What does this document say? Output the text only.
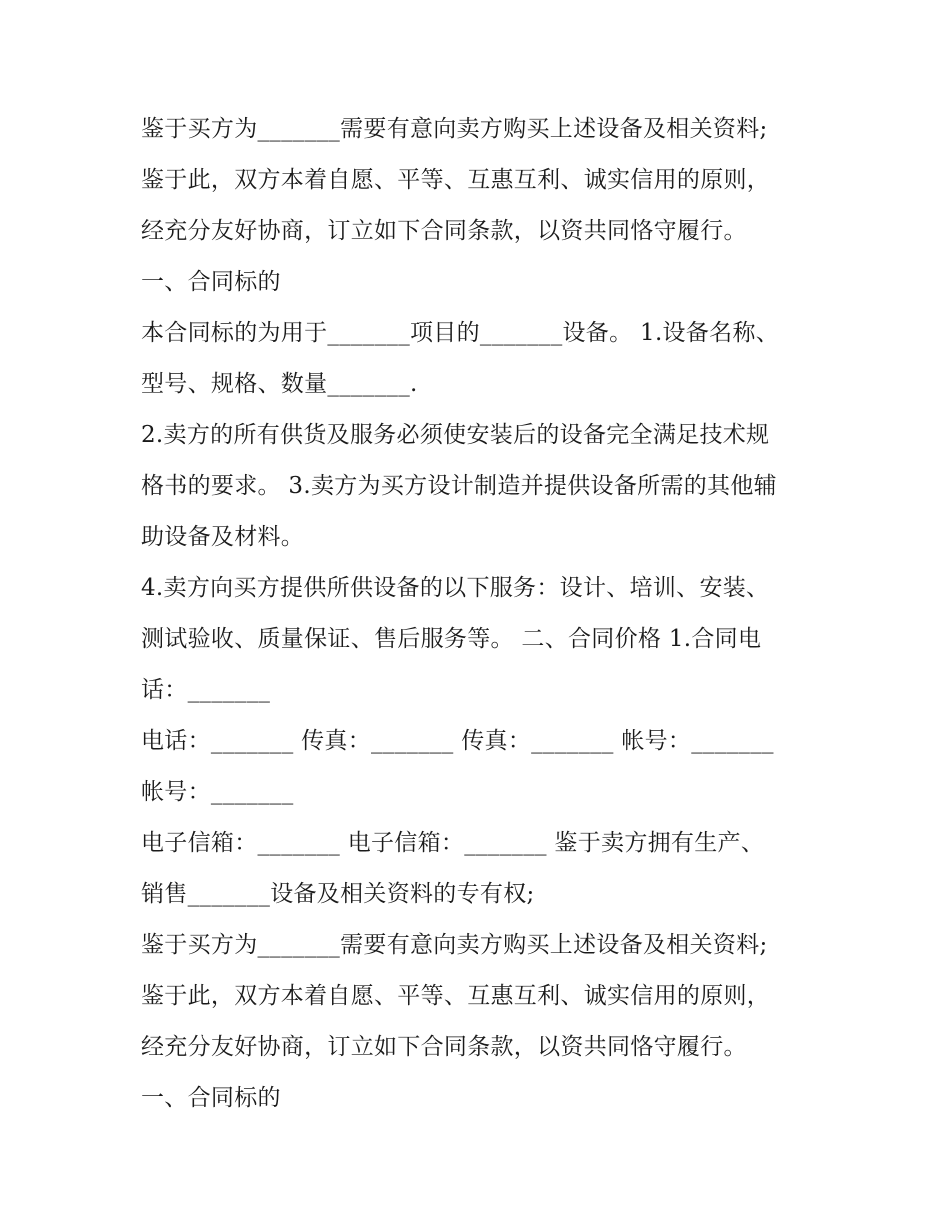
鉴于买方为_______需要有意向卖方购买上述设备及相关资料;
鉴于此，双方本着自愿、平等、互惠互利、诚实信用的原则，
经充分友好协商，订立如下合同条款，以资共同恪守履行。
一、合同标的
本合同标的为用于_______项目的_______设备。 1.设备名称、
型号、规格、数量_______.
2.卖方的所有供货及服务必须使安装后的设备完全满足技术规
格书的要求。 3.卖方为买方设计制造并提供设备所需的其他辅
助设备及材料。
4.卖方向买方提供所供设备的以下服务：设计、培训、安装、
测试验收、质量保证、售后服务等。 二、合同价格 1.合同电
话：_______
电话：_______ 传真：_______ 传真：_______ 帐号：_______
帐号：_______
电子信箱：_______ 电子信箱：_______ 鉴于卖方拥有生产、
销售_______设备及相关资料的专有权;
鉴于买方为_______需要有意向卖方购买上述设备及相关资料;
鉴于此，双方本着自愿、平等、互惠互利、诚实信用的原则，
经充分友好协商，订立如下合同条款，以资共同恪守履行。
一、合同标的
